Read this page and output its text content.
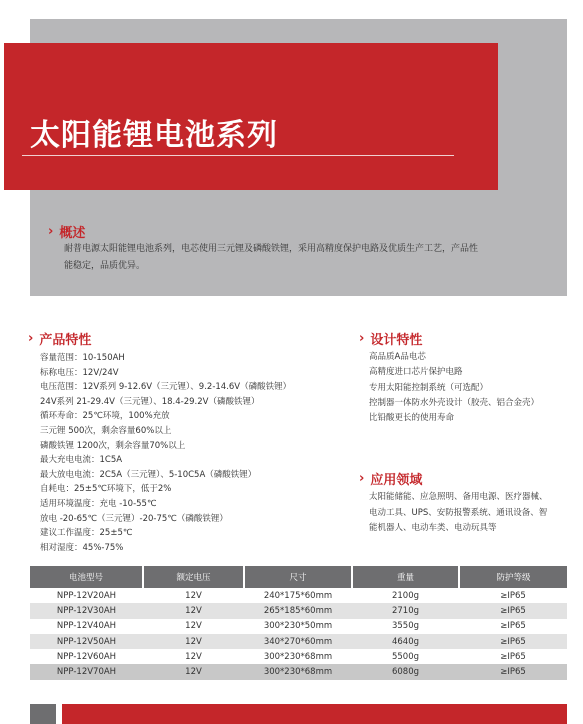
太阳能锂电池系列
› 概述
耐普电源太阳能锂电池系列，电芯使用三元锂及磷酸铁锂，采用高精度保护电路及优质生产工艺，产品性能稳定，品质优异。
› 产品特性
容量范围：10-150AH
标称电压：12V/24V
电压范围：12V系列 9-12.6V（三元锂）、9.2-14.6V（磷酸铁锂）
24V系列 21-29.4V（三元锂）、18.4-29.2V（磷酸铁锂）
循环寿命：25℃环境，100%充放
三元锂 500次，剩余容量60%以上
磷酸铁锂 1200次，剩余容量70%以上
最大充电电流：1C5A
最大放电电流：2C5A（三元锂）、5-10C5A（磷酸铁锂）
自耗电：25±5℃环境下，低于2%
适用环境温度：充电 -10-55℃
放电 -20-65℃（三元锂）-20-75℃（磷酸铁锂）
建议工作温度：25±5℃
相对湿度：45%-75%
› 设计特性
高品质A品电芯
高精度进口芯片保护电路
专用太阳能控制系统（可选配）
控制器一体防水外壳设计（胶壳、铝合金壳）
比铅酸更长的使用寿命
› 应用领域
太阳能储能、应急照明、备用电源、医疗器械、电动工具、UPS、安防报警系统、通讯设备、智能机器人、电动车类、电动玩具等
电池型号	额定电压	尺寸	重量	防护等级
NPP-12V20AH	12V	240*175*60mm	2100g	≥IP65
NPP-12V30AH	12V	265*185*60mm	2710g	≥IP65
NPP-12V40AH	12V	300*230*50mm	3550g	≥IP65
NPP-12V50AH	12V	340*270*60mm	4640g	≥IP65
NPP-12V60AH	12V	300*230*68mm	5500g	≥IP65
NPP-12V70AH	12V	300*230*68mm	6080g	≥IP65
